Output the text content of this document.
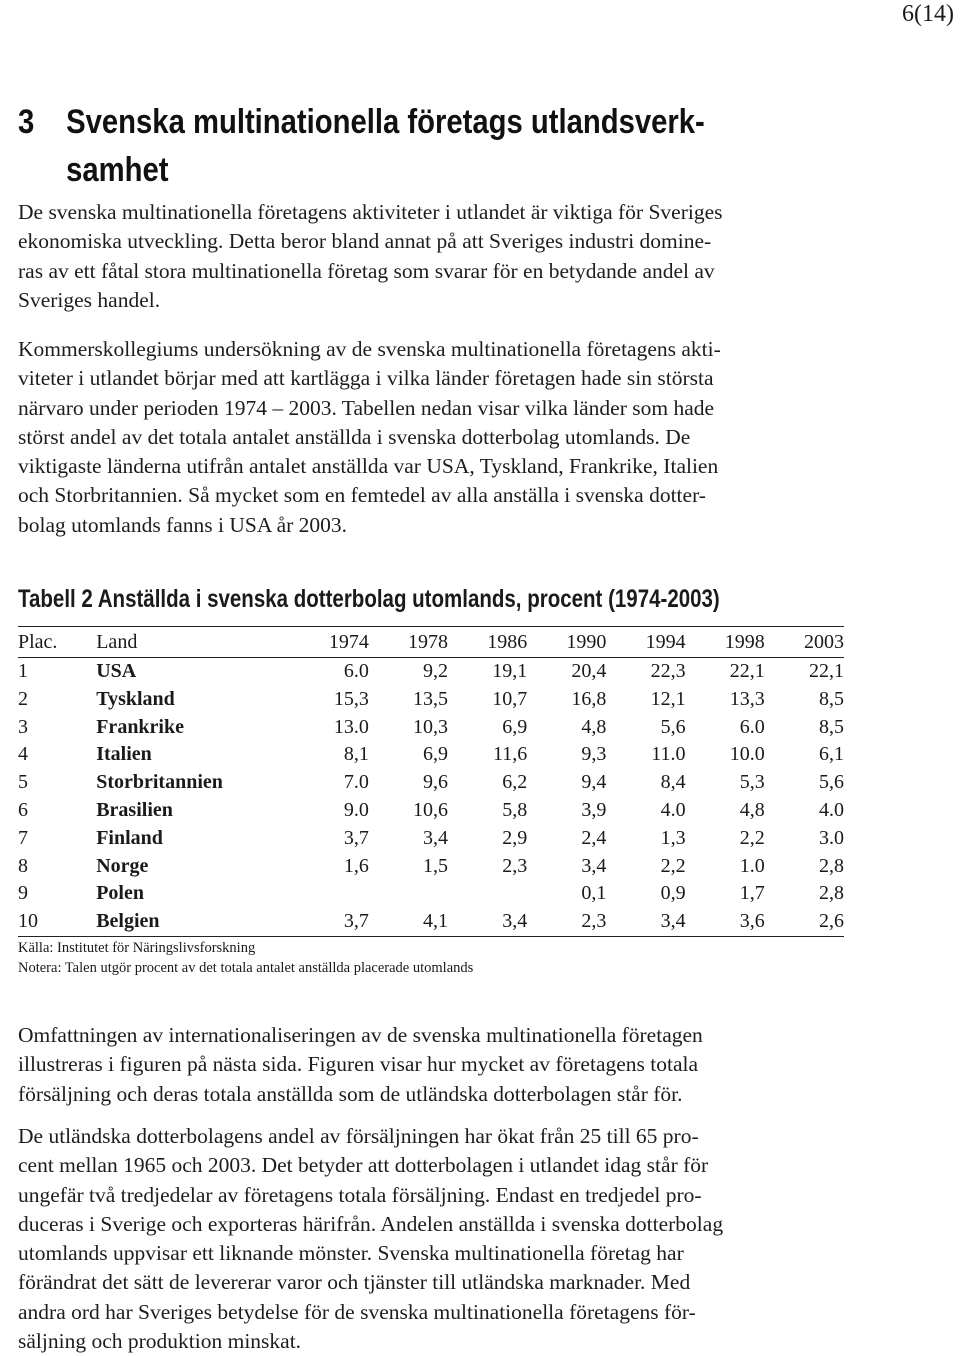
6(14)
3 Svenska multinationella företags utlandsverk-
samhet
De svenska multinationella företagens aktiviteter i utlandet är viktiga för Sveriges
ekonomiska utveckling. Detta beror bland annat på att Sveriges industri domine-
ras av ett fåtal stora multinationella företag som svarar för en betydande andel av
Sveriges handel.
Kommerskollegiums undersökning av de svenska multinationella företagens akti-
viteter i utlandet börjar med att kartlägga i vilka länder företagen hade sin största
närvaro under perioden 1974 – 2003. Tabellen nedan visar vilka länder som hade
störst andel av det totala antalet anställda i svenska dotterbolag utomlands. De
viktigaste länderna utifrån antalet anställda var USA, Tyskland, Frankrike, Italien
och Storbritannien. Så mycket som en femtedel av alla anställa i svenska dotter-
bolag utomlands fanns i USA år 2003.
Tabell 2 Anställda i svenska dotterbolag utomlands, procent (1974-2003)
Plac.	Land	1974	1978	1986	1990	1994	1998	2003
1	USA	6.0	9,2	19,1	20,4	22,3	22,1	22,1
2	Tyskland	15,3	13,5	10,7	16,8	12,1	13,3	8,5
3	Frankrike	13.0	10,3	6,9	4,8	5,6	6.0	8,5
4	Italien	8,1	6,9	11,6	9,3	11.0	10.0	6,1
5	Storbritannien	7.0	9,6	6,2	9,4	8,4	5,3	5,6
6	Brasilien	9.0	10,6	5,8	3,9	4.0	4,8	4.0
7	Finland	3,7	3,4	2,9	2,4	1,3	2,2	3.0
8	Norge	1,6	1,5	2,3	3,4	2,2	1.0	2,8
9	Polen				0,1	0,9	1,7	2,8
10	Belgien	3,7	4,1	3,4	2,3	3,4	3,6	2,6
Källa: Institutet för Näringslivsforskning
Notera: Talen utgör procent av det totala antalet anställda placerade utomlands
Omfattningen av internationaliseringen av de svenska multinationella företagen
illustreras i figuren på nästa sida. Figuren visar hur mycket av företagens totala
försäljning och deras totala anställda som de utländska dotterbolagen står för.
De utländska dotterbolagens andel av försäljningen har ökat från 25 till 65 pro-
cent mellan 1965 och 2003. Det betyder att dotterbolagen i utlandet idag står för
ungefär två tredjedelar av företagens totala försäljning. Endast en tredjedel pro-
duceras i Sverige och exporteras härifrån. Andelen anställda i svenska dotterbolag
utomlands uppvisar ett liknande mönster. Svenska multinationella företag har
förändrat det sätt de levererar varor och tjänster till utländska marknader. Med
andra ord har Sveriges betydelse för de svenska multinationella företagens för-
säljning och produktion minskat.
